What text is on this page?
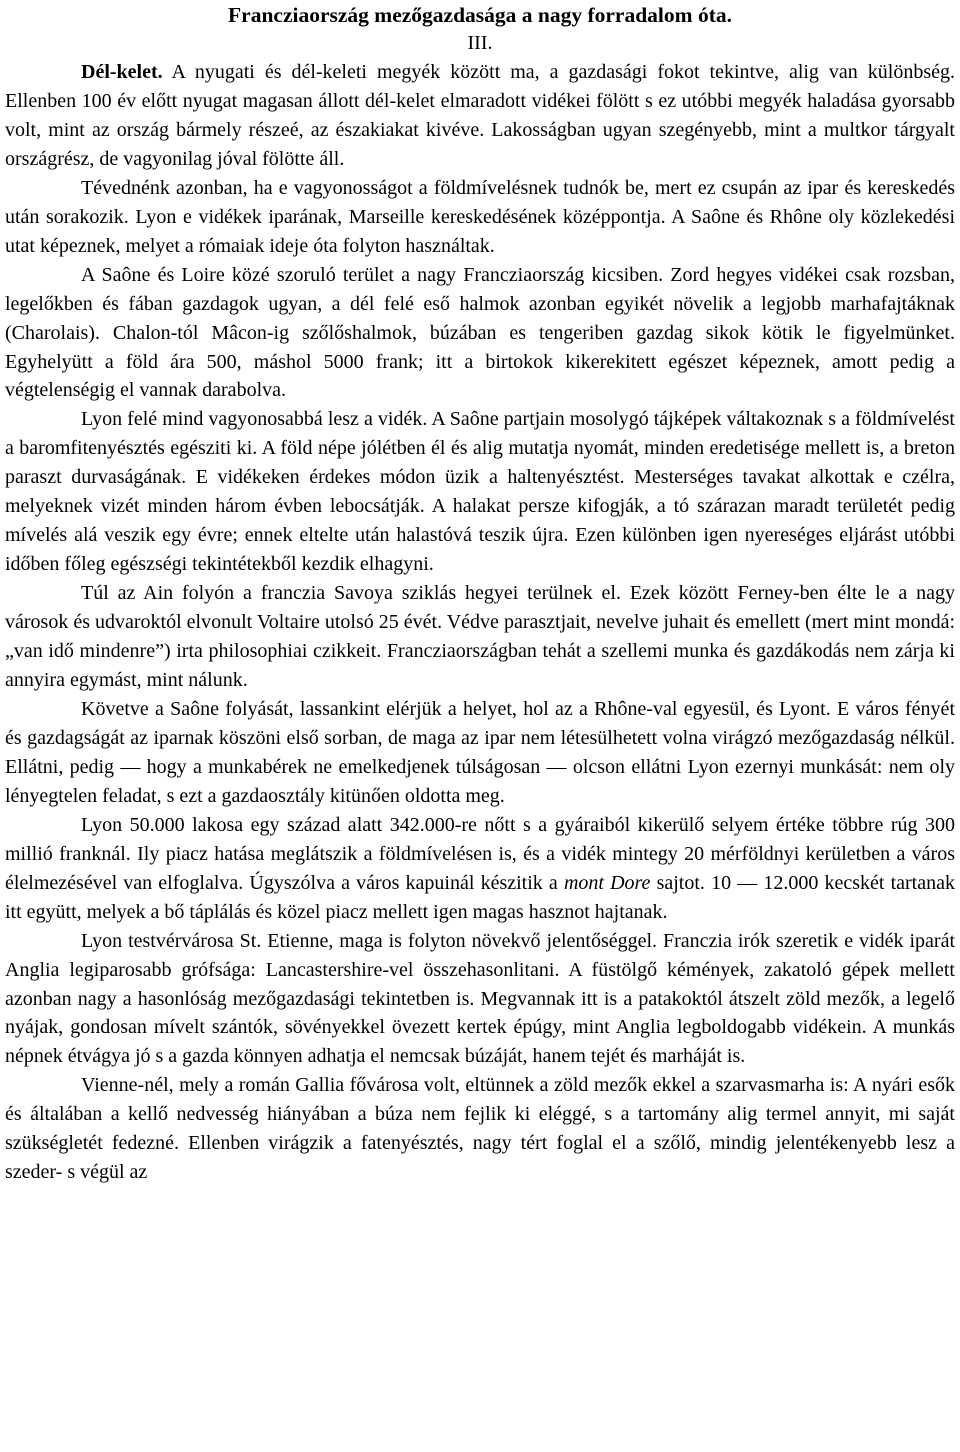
Francziaország mezőgazdasága a nagy forradalom óta.
III.

Dél-kelet. A nyugati és dél-keleti megyék között ma, a gazdasági fokot tekintve, alig van különbség. Ellenben 100 év előtt nyugat magasan állott dél-kelet elmaradott vidékei fölött s ez utóbbi megyék haladása gyorsabb volt, mint az ország bármely részeé, az északiakat kivéve. Lakosságban ugyan szegényebb, mint a multkor tárgyalt országrész, de vagyonilag jóval fölötte áll.

Tévednénk azonban, ha e vagyonosságot a földmívelésnek tudnók be, mert ez csupán az ipar és kereskedés után sorakozik. Lyon e vidékek iparának, Marseille kereskedésének középpontja. A Saône és Rhône oly közlekedési utat képeznek, melyet a rómaiak ideje óta folyton használtak.

A Saône és Loire közé szoruló terület a nagy Francziaország kicsiben. Zord hegyes vidékei csak rozsban, legelőkben és fában gazdagok ugyan, a dél felé eső halmok azonban egyikét növelik a legjobb marhafajtáknak (Charolais). Chalon-tól Mâcon-ig szőlőshalmok, búzában es tengeriben gazdag sikok kötik le figyelmünket. Egyhelyütt a föld ára 500, máshol 5000 frank; itt a birtokok kikerekitett egészet képeznek, amott pedig a végtelenségig el vannak darabolva.

Lyon felé mind vagyonosabbá lesz a vidék. A Saône partjain mosolygó tájképek váltakoznak s a földmívelést a baromfitenyésztés egésziti ki. A föld népe jólétben él és alig mutatja nyomát, minden eredetisége mellett is, a breton paraszt durvaságának. E vidékeken érdekes módon üzik a haltenyésztést. Mesterséges tavakat alkottak e czélra, melyeknek vizét minden három évben lebocsátják. A halakat persze kifogják, a tó szárazan maradt területét pedig mívelés alá veszik egy évre; ennek eltelte után halastóvá teszik újra. Ezen különben igen nyereséges eljárást utóbbi időben főleg egészségi tekintétekből kezdik elhagyni.

Túl az Ain folyón a franczia Savoya sziklás hegyei terülnek el. Ezek között Ferney-ben élte le a nagy városok és udvaroktól elvonult Voltaire utolsó 25 évét. Védve parasztjait, nevelve juhait és emellett (mert mint mondá: „van idő mindenre”) irta philosophiai czikkeit. Francziaországban tehát a szellemi munka és gazdákodás nem zárja ki annyira egymást, mint nálunk.

Követve a Saône folyását, lassankint elérjük a helyet, hol az a Rhône-val egyesül, és Lyont. E város fényét és gazdagságát az iparnak köszöni első sorban, de maga az ipar nem létesülhetett volna virágzó mezőgazdaság nélkül. Ellátni, pedig — hogy a munkabérek ne emelkedjenek túlságosan — olcson ellátni Lyon ezernyi munkását: nem oly lényegtelen feladat, s ezt a gazdaosztály kitünően oldotta meg.

Lyon 50.000 lakosa egy század alatt 342.000-re nőtt s a gyáraiból kikerülő selyem értéke többre rúg 300 millió franknál. Ily piacz hatása meglátszik a földmívelésen is, és a vidék mintegy 20 mérföldnyi kerületben a város élelmezésével van elfoglalva. Úgyszólva a város kapuinál készitik a mont Dore sajtot. 10 — 12.000 kecskét tartanak itt együtt, melyek a bő táplálás és közel piacz mellett igen magas hasznot hajtanak.

Lyon testvérvárosa St. Etienne, maga is folyton növekvő jelentőséggel. Franczia irók szeretik e vidék iparát Anglia legiparosabb grófsága: Lancastershire-vel összehasonlitani. A füstölgő kémények, zakatoló gépek mellett azonban nagy a hasonlóság mezőgazdasági tekintetben is. Megvannak itt is a patakoktól átszelt zöld mezők, a legelő nyájak, gondosan mívelt szántók, sövényekkel övezett kertek épúgy, mint Anglia legboldogabb vidékein. A munkás népnek étvágya jó s a gazda könnyen adhatja el nemcsak búzáját, hanem tejét és marháját is.

Vienne-nél, mely a román Gallia fővárosa volt, eltünnek a zöld mezők ekkel a szarvasmarha is: A nyári esők és általában a kellő nedvesség hiányában a búza nem fejlik ki eléggé, s a tartomány alig termel annyit, mi saját szükségletét fedezné. Ellenben virágzik a fatenyésztés, nagy tért foglal el a szőlő, mindig jelentékenyebb lesz a szeder- s végül az
